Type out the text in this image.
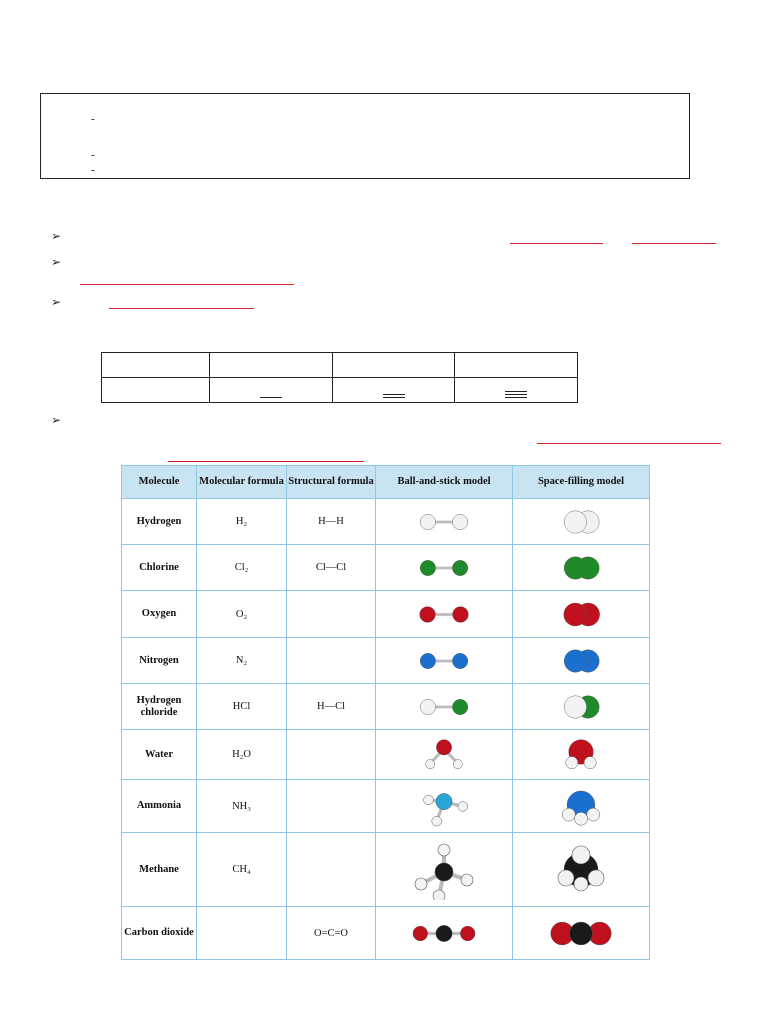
-
-
-
➢
➢
➢

➢
Molecule	Molecular formula	Structural formula	Ball-and-stick model	Space-filling model
Hydrogen	H₂	H—H	

Chlorine	Cl₂	Cl—Cl	

Oxygen	O₂		

Nitrogen	N₂		

Hydrogen chloride	HCl	H—Cl	

Water	H₂O		

Ammonia	NH₃		

Methane	CH₄		

Carbon dioxide		O=C=O	
